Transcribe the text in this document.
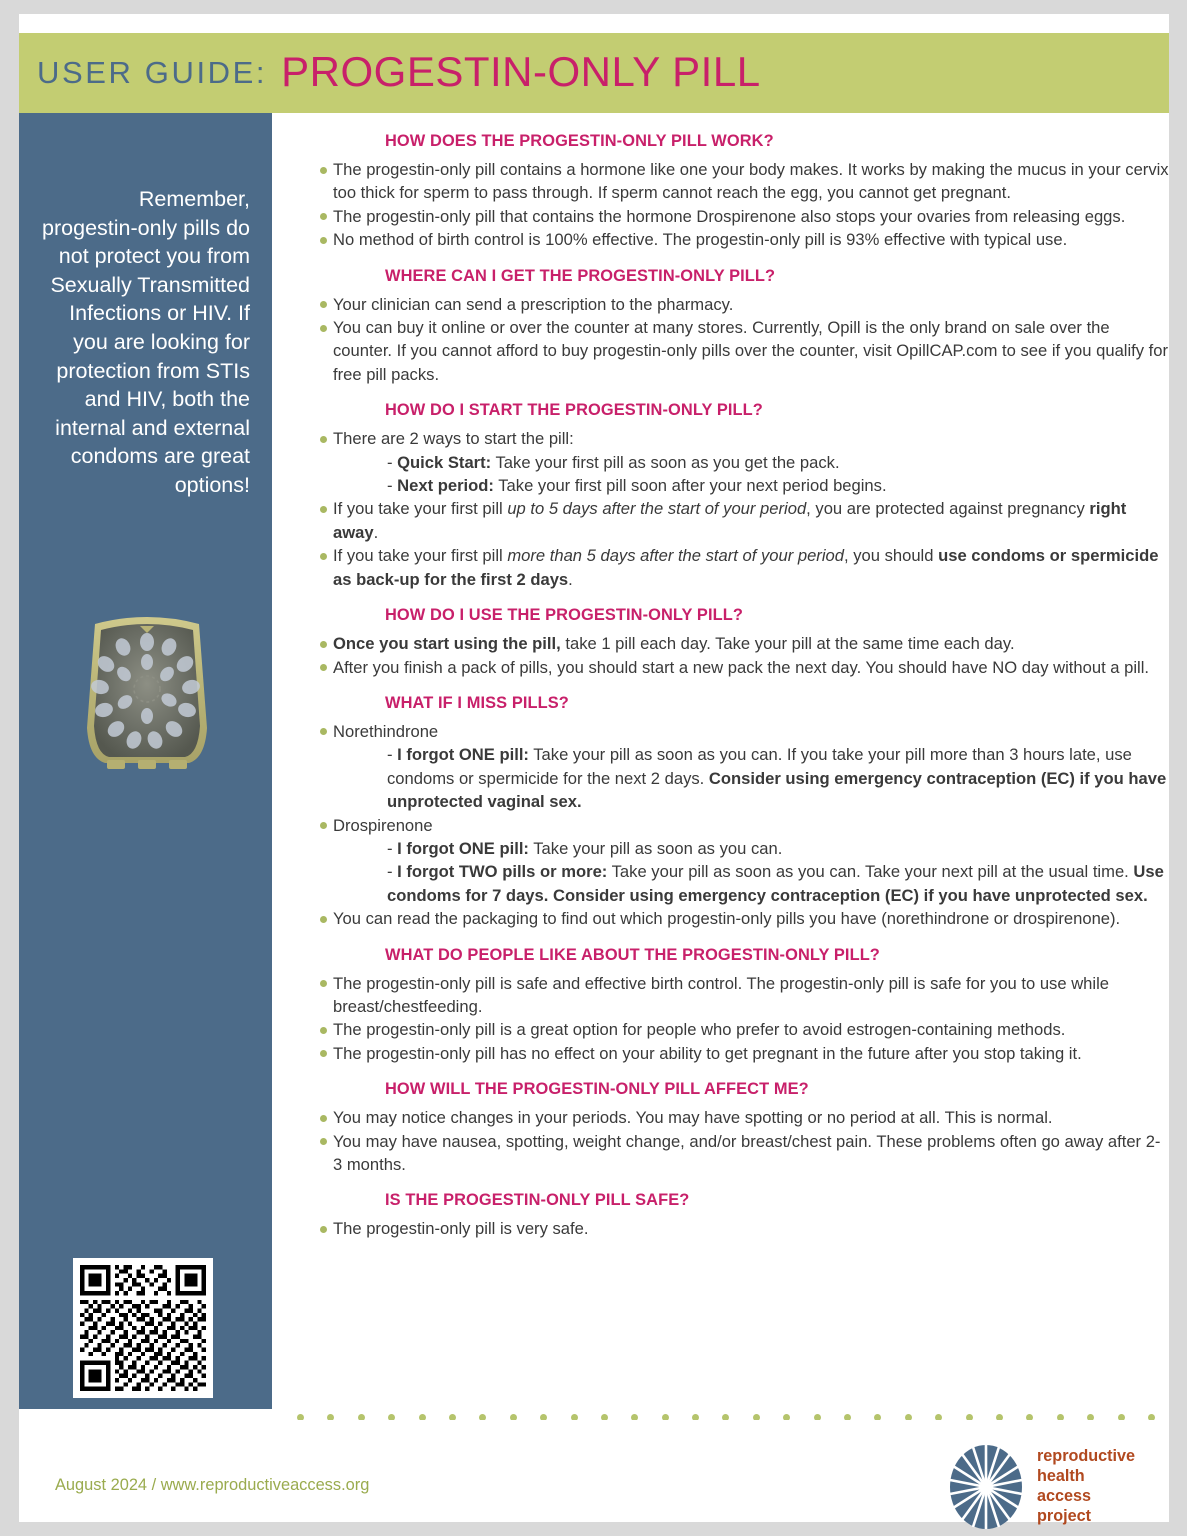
USER GUIDE: PROGESTIN-ONLY PILL
Remember, progestin-only pills do not protect you from Sexually Transmitted Infections or HIV. If you are looking for protection from STIs and HIV, both the internal and external condoms are great options!
HOW DOES THE PROGESTIN-ONLY PILL WORK?
The progestin-only pill contains a hormone like one your body makes. It works by making the mucus in your cervix too thick for sperm to pass through. If sperm cannot reach the egg, you cannot get pregnant.
The progestin-only pill that contains the hormone Drospirenone also stops your ovaries from releasing eggs.
No method of birth control is 100% effective. The progestin-only pill is 93% effective with typical use.
WHERE CAN I GET THE PROGESTIN-ONLY PILL?
Your clinician can send a prescription to the pharmacy.
You can buy it online or over the counter at many stores. Currently, Opill is the only brand on sale over the counter. If you cannot afford to buy progestin-only pills over the counter, visit OpillCAP.com to see if you qualify for free pill packs.
HOW DO I START THE PROGESTIN-ONLY PILL?
There are 2 ways to start the pill:
- Quick Start: Take your first pill as soon as you get the pack.
- Next period: Take your first pill soon after your next period begins.
If you take your first pill up to 5 days after the start of your period, you are protected against pregnancy right away.
If you take your first pill more than 5 days after the start of your period, you should use condoms or spermicide as back-up for the first 2 days.
HOW DO I USE THE PROGESTIN-ONLY PILL?
Once you start using the pill, take 1 pill each day. Take your pill at the same time each day.
After you finish a pack of pills, you should start a new pack the next day. You should have NO day without a pill.
WHAT IF I MISS PILLS?
Norethindrone
- I forgot ONE pill: Take your pill as soon as you can. If you take your pill more than 3 hours late, use condoms or spermicide for the next 2 days. Consider using emergency contraception (EC) if you have unprotected vaginal sex.
Drospirenone
- I forgot ONE pill: Take your pill as soon as you can.
- I forgot TWO pills or more: Take your pill as soon as you can. Take your next pill at the usual time. Use condoms for 7 days. Consider using emergency contraception (EC) if you have unprotected sex.
You can read the packaging to find out which progestin-only pills you have (norethindrone or drospirenone).
WHAT DO PEOPLE LIKE ABOUT THE PROGESTIN-ONLY PILL?
The progestin-only pill is safe and effective birth control. The progestin-only pill is safe for you to use while breast/chestfeeding.
The progestin-only pill is a great option for people who prefer to avoid estrogen-containing methods.
The progestin-only pill has no effect on your ability to get pregnant in the future after you stop taking it.
HOW WILL THE PROGESTIN-ONLY PILL AFFECT ME?
You may notice changes in your periods. You may have spotting or no period at all. This is normal.
You may have nausea, spotting, weight change, and/or breast/chest pain. These problems often go away after 2-3 months.
IS THE PROGESTIN-ONLY PILL SAFE?
The progestin-only pill is very safe.
August 2024 / www.reproductiveaccess.org
reproductive
health
access
project
